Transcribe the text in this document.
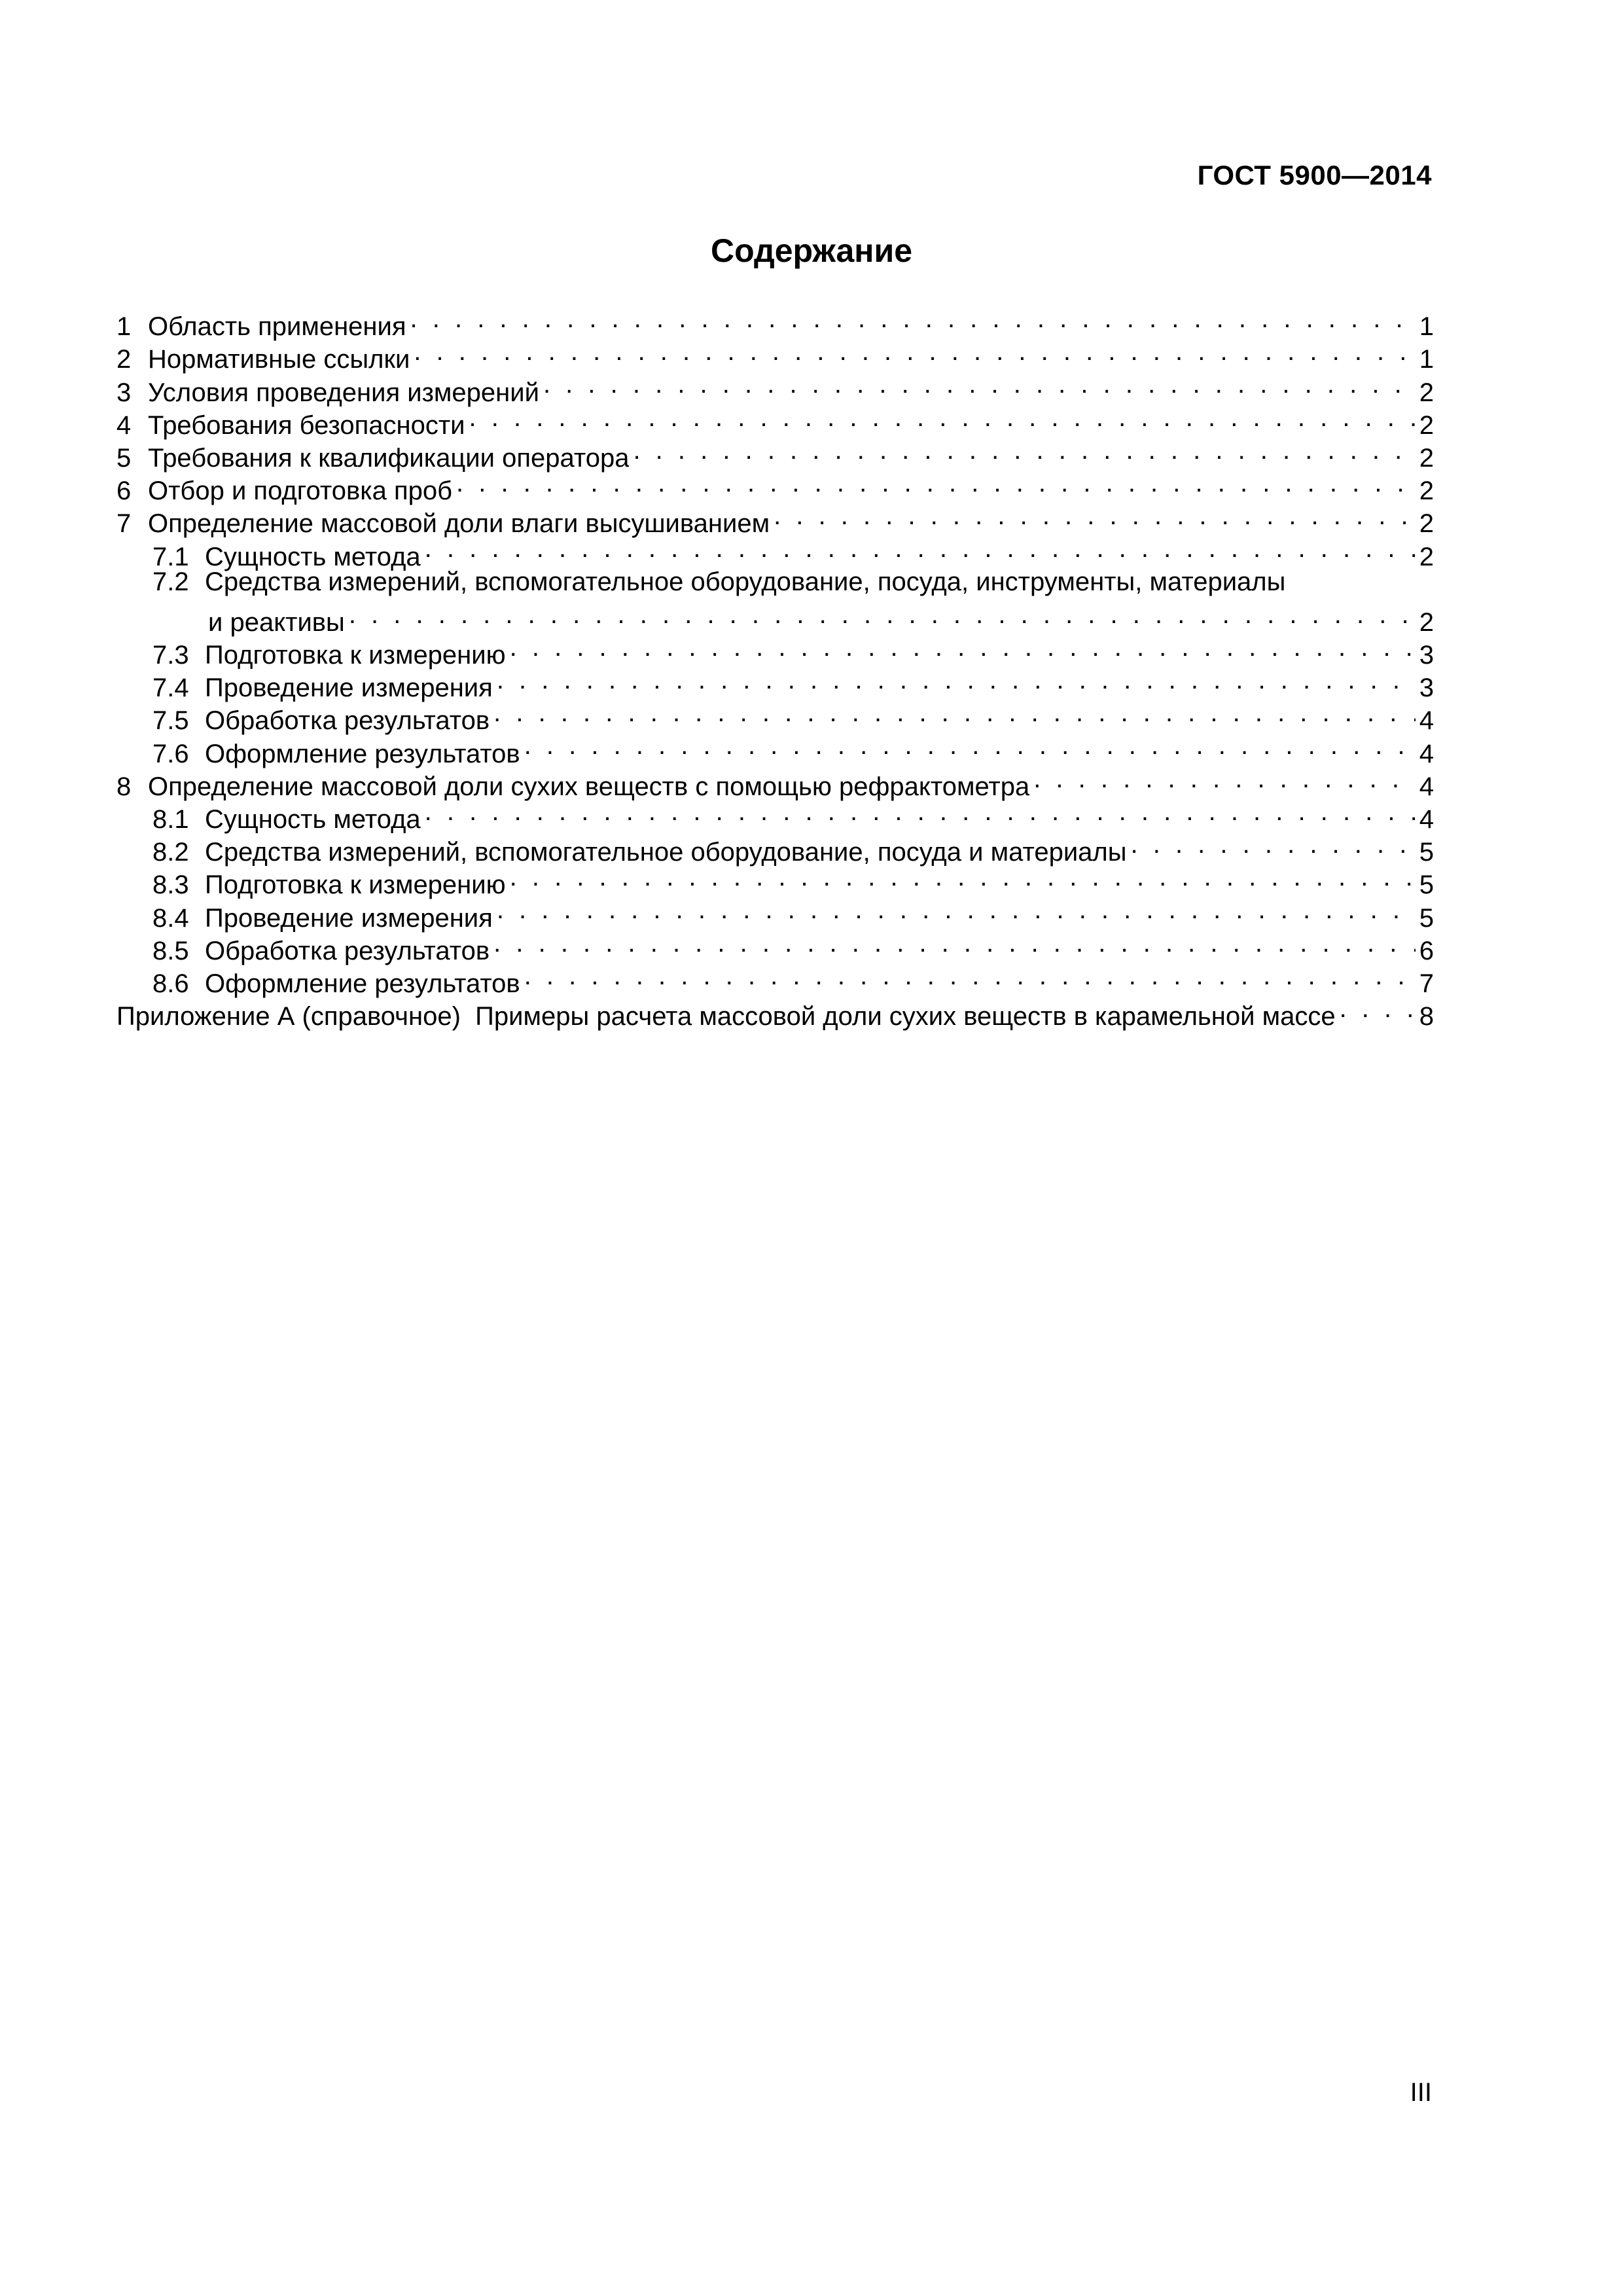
ГОСТ 5900—2014
Содержание
1 Область применения . . .	1
2 Нормативные ссылки . . .	1
3 Условия проведения измерений . . .	2
4 Требования безопасности . . .	2
5 Требования к квалификации оператора . . .	2
6 Отбор и подготовка проб . . .	2
7 Определение массовой доли влаги высушиванием . . .	2
7.1 Сущность метода . . .	2
7.2 Средства измерений, вспомогательное оборудование, посуда, инструменты, материалы
и реактивы . . .	2
7.3 Подготовка к измерению . . .	3
7.4 Проведение измерения . . .	3
7.5 Обработка результатов . . .	4
7.6 Оформление результатов . . .	4
8 Определение массовой доли сухих веществ с помощью рефрактометра . . .	4
8.1 Сущность метода . . .	4
8.2 Средства измерений, вспомогательное оборудование, посуда и материалы . . .	5
8.3 Подготовка к измерению . . .	5
8.4 Проведение измерения . . .	5
8.5 Обработка результатов . . .	6
8.6 Оформление результатов . . .	7
Приложение А (справочное)  Примеры расчета массовой доли сухих веществ в карамельной массе . . .	8
III
